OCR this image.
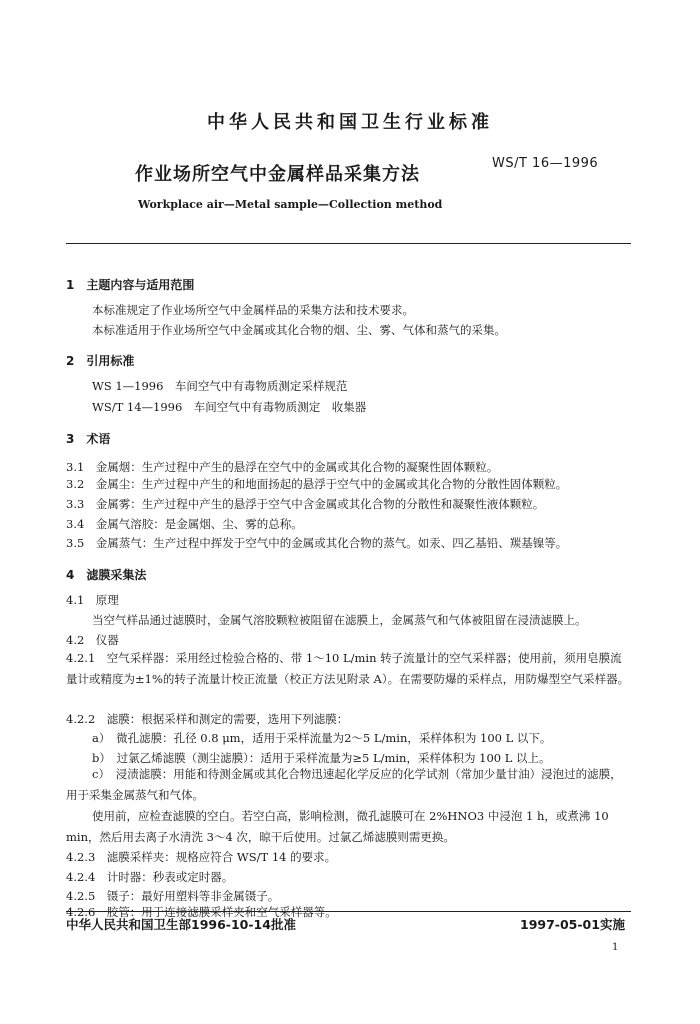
中华人民共和国卫生行业标准
作业场所空气中金属样品采集方法
WS/T 16—1996
Workplace air—Metal sample—Collection method
1　主题内容与适用范围
本标准规定了作业场所空气中金属样品的采集方法和技术要求。
本标准适用于作业场所空气中金属或其化合物的烟、尘、雾、气体和蒸气的采集。
2　引用标准
WS 1—1996　车间空气中有毒物质测定采样规范
WS/T 14—1996　车间空气中有毒物质测定　收集器
3　术语
3.1　金属烟：生产过程中产生的悬浮在空气中的金属或其化合物的凝聚性固体颗粒。
3.2　金属尘：生产过程中产生的和地面扬起的悬浮于空气中的金属或其化合物的分散性固体颗粒。
3.3　金属雾：生产过程中产生的悬浮于空气中含金属或其化合物的分散性和凝聚性液体颗粒。
3.4　金属气溶胶：是金属烟、尘、雾的总称。
3.5　金属蒸气：生产过程中挥发于空气中的金属或其化合物的蒸气。如汞、四乙基铅、羰基镍等。
4　滤膜采集法
4.1　原理
当空气样品通过滤膜时，金属气溶胶颗粒被阻留在滤膜上，金属蒸气和气体被阻留在浸渍滤膜上。
4.2　仪器
4.2.1　空气采样器：采用经过检验合格的、带 1～10 L/min 转子流量计的空气采样器；使用前，须用皂膜流量计或精度为±1%的转子流量计校正流量（校正方法见附录 A）。在需要防爆的采样点，用防爆型空气采样器。
4.2.2　滤膜：根据采样和测定的需要，选用下列滤膜：
a）　微孔滤膜：孔径 0.8 μm，适用于采样流量为2～5 L/min，采样体积为 100 L 以下。
b）　过氯乙烯滤膜（测尘滤膜）：适用于采样流量为≥5 L/min，采样体积为 100 L 以上。
c）　浸渍滤膜：用能和待测金属或其化合物迅速起化学反应的化学试剂（常加少量甘油）浸泡过的滤膜，用于采集金属蒸气和气体。
使用前，应检查滤膜的空白。若空白高，影响检测，微孔滤膜可在 2%HNO3 中浸泡 1 h，或煮沸 10 min，然后用去离子水清洗 3～4 次，晾干后使用。过氯乙烯滤膜则需更换。
4.2.3　滤膜采样夹：规格应符合 WS/T 14 的要求。
4.2.4　计时器：秒表或定时器。
4.2.5　镊子：最好用塑料等非金属镊子。
4.2.6　胶管：用于连接滤膜采样夹和空气采样器等。
中华人民共和国卫生部1996-10-14批准	1997-05-01实施
1
